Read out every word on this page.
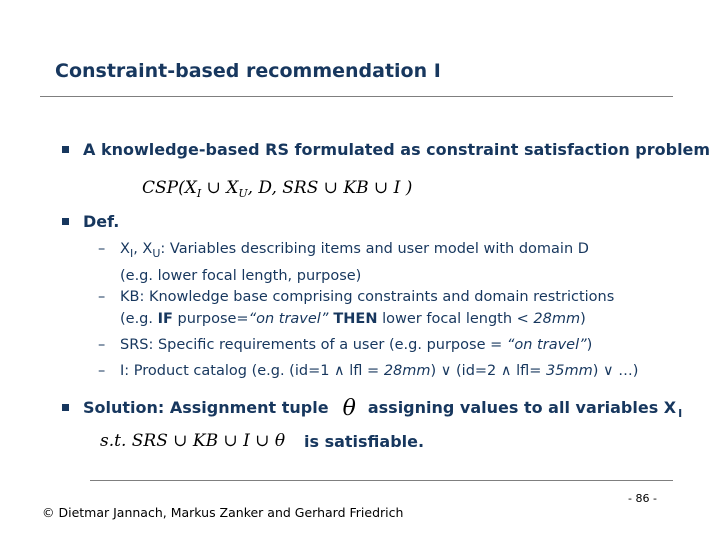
Constraint-based recommendation I
A knowledge-based RS formulated as constraint satisfaction problem
$CSP(X_I$ ∪ $X_U$, D, SRS ∪ KB ∪ I )
Def.
– $X_I$, $X_U$: Variables describing items and user model with domain D
(e.g. lower focal length, purpose)
– KB: Knowledge base comprising constraints and domain restrictions
(e.g. IF purpose=“on travel” THEN lower focal length < 28mm)
– SRS: Specific requirements of a user (e.g. purpose = “on travel”)
– I: Product catalog (e.g. (id=1 ∧ lfl = 28mm) ∨ (id=2 ∧ lfl= 35mm) ∨ …)
Solution: Assignment tuple θ assigning values to all variables X $_I$
s.t. SRS ∪ KB ∪ I ∪ θ is satisfiable.
© Dietmar Jannach, Markus Zanker and Gerhard Friedrich
- 86 -
